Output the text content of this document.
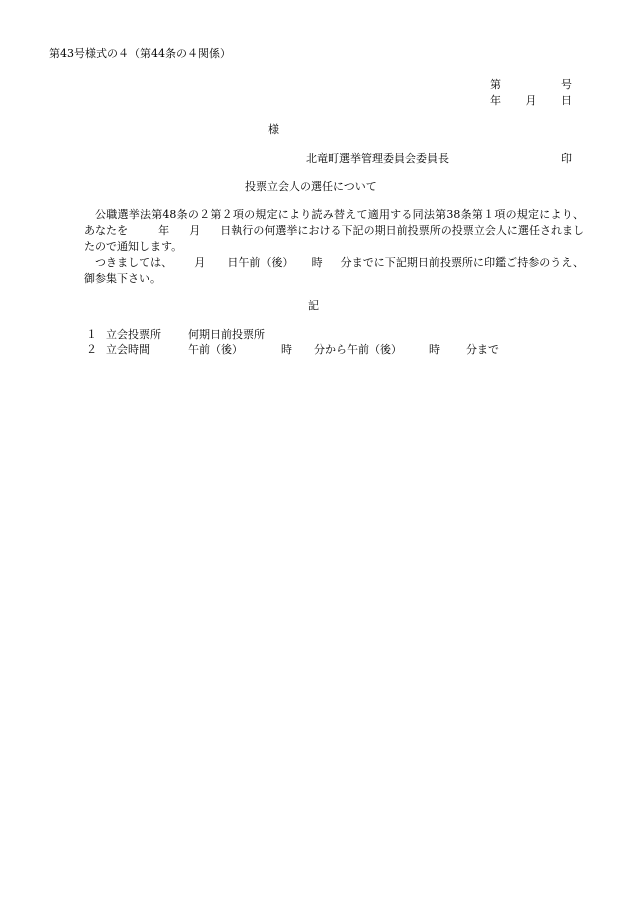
第43号様式の４（第44条の４関係）
第	号
年 月 日
様
北竜町選挙管理委員会委員長	印
投票立会人の選任について

公職選挙法第48条の２第２項の規定により読み替えて適用する同法第38条第１項の規定により、あなたを	年 月 日執行の何選挙における下記の期日前投票所の投票立会人に選任されましたので通知します。

つきましては、 月 日午前（後） 時 分までに下記期日前投票所に印鑑ご持参のうえ、御参集下さい。

記
１ 立会投票所	何期日前投票所
２ 立会時間	午前（後）	時 分から午前（後） 時 分まで
